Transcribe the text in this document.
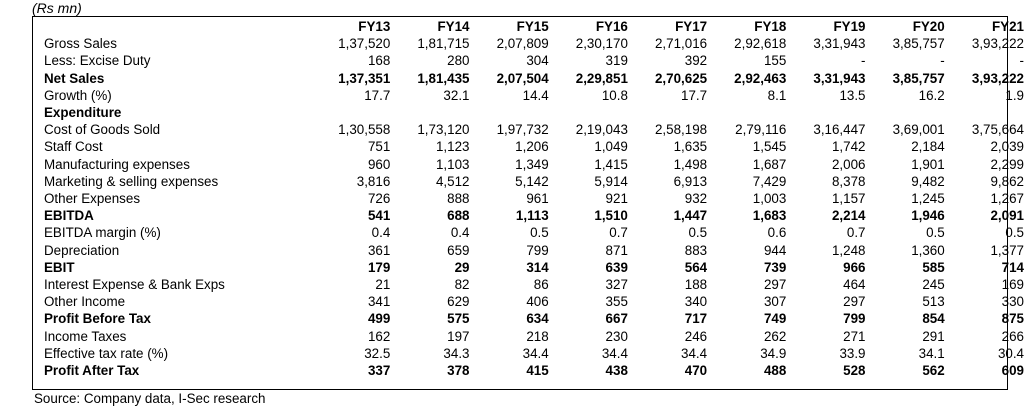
(Rs mn)
	FY13	FY14	FY15	FY16	FY17	FY18	FY19	FY20	FY21
Gross Sales	1,37,520	1,81,715	2,07,809	2,30,170	2,71,016	2,92,618	3,31,943	3,85,757	3,93,222
Less: Excise Duty	168	280	304	319	392	155	-	-	-
Net Sales	1,37,351	1,81,435	2,07,504	2,29,851	2,70,625	2,92,463	3,31,943	3,85,757	3,93,222
Growth (%)	17.7	32.1	14.4	10.8	17.7	8.1	13.5	16.2	1.9
Expenditure									
Cost of Goods Sold	1,30,558	1,73,120	1,97,732	2,19,043	2,58,198	2,79,116	3,16,447	3,69,001	3,75,664
Staff Cost	751	1,123	1,206	1,049	1,635	1,545	1,742	2,184	2,039
Manufacturing expenses	960	1,103	1,349	1,415	1,498	1,687	2,006	1,901	2,299
Marketing & selling expenses	3,816	4,512	5,142	5,914	6,913	7,429	8,378	9,482	9,862
Other Expenses	726	888	961	921	932	1,003	1,157	1,245	1,267
EBITDA	541	688	1,113	1,510	1,447	1,683	2,214	1,946	2,091
EBITDA margin (%)	0.4	0.4	0.5	0.7	0.5	0.6	0.7	0.5	0.5
Depreciation	361	659	799	871	883	944	1,248	1,360	1,377
EBIT	179	29	314	639	564	739	966	585	714
Interest Expense & Bank Exps	21	82	86	327	188	297	464	245	169
Other Income	341	629	406	355	340	307	297	513	330
Profit Before Tax	499	575	634	667	717	749	799	854	875
Income Taxes	162	197	218	230	246	262	271	291	266
Effective tax rate (%)	32.5	34.3	34.4	34.4	34.4	34.9	33.9	34.1	30.4
Profit After Tax	337	378	415	438	470	488	528	562	609
Source: Company data, I-Sec research
